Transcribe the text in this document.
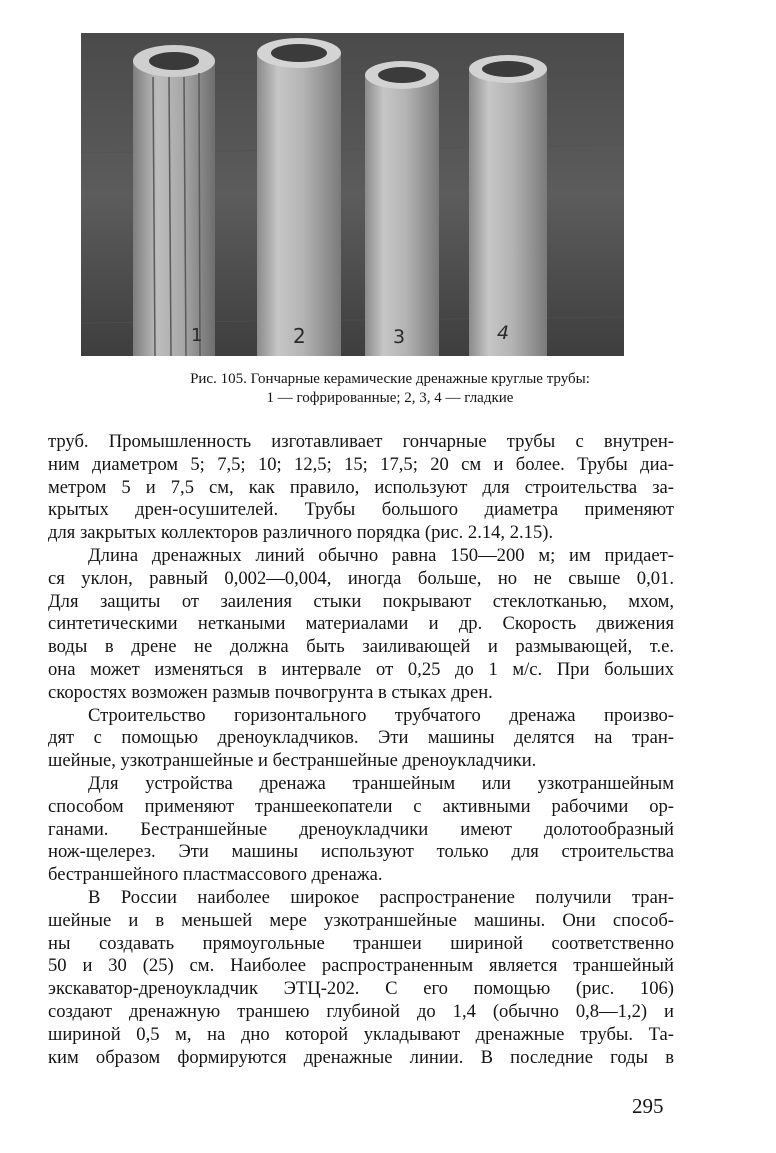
1	2	3	4
Рис. 105. Гончарные керамические дренажные круглые трубы:
1 — гофрированные; 2, 3, 4 — гладкие

труб. Промышленность изготавливает гончарные трубы с внутрен-
ним диаметром 5; 7,5; 10; 12,5; 15; 17,5; 20 см и более. Трубы диа-
метром 5 и 7,5 см, как правило, используют для строительства за-
крытых дрен-осушителей. Трубы большого диаметра применяют
для закрытых коллекторов различного порядка (рис. 2.14, 2.15).

Длина дренажных линий обычно равна 150—200 м; им придает-
ся уклон, равный 0,002—0,004, иногда больше, но не свыше 0,01.
Для защиты от заиления стыки покрывают стеклотканью, мхом,
синтетическими неткаными материалами и др. Скорость движения
воды в дрене не должна быть заиливающей и размывающей, т.е.
она может изменяться в интервале от 0,25 до 1 м/с. При больших
скоростях возможен размыв почвогрунта в стыках дрен.

Строительство горизонтального трубчатого дренажа произво-
дят с помощью дреноукладчиков. Эти машины делятся на тран-
шейные, узкотраншейные и бестраншейные дреноукладчики.

Для устройства дренажа траншейным или узкотраншейным
способом применяют траншеекопатели с активными рабочими ор-
ганами. Бестраншейные дреноукладчики имеют долотообразный
нож-щелерез. Эти машины используют только для строительства
бестраншейного пластмассового дренажа.

В России наиболее широкое распространение получили тран-
шейные и в меньшей мере узкотраншейные машины. Они способ-
ны создавать прямоугольные траншеи шириной соответственно
50 и 30 (25) см. Наиболее распространенным является траншейный
экскаватор-дреноукладчик ЭТЦ-202. С его помощью (рис. 106)
создают дренажную траншею глубиной до 1,4 (обычно 0,8—1,2) и
шириной 0,5 м, на дно которой укладывают дренажные трубы. Та-
ким образом формируются дренажные линии. В последние годы в

295
